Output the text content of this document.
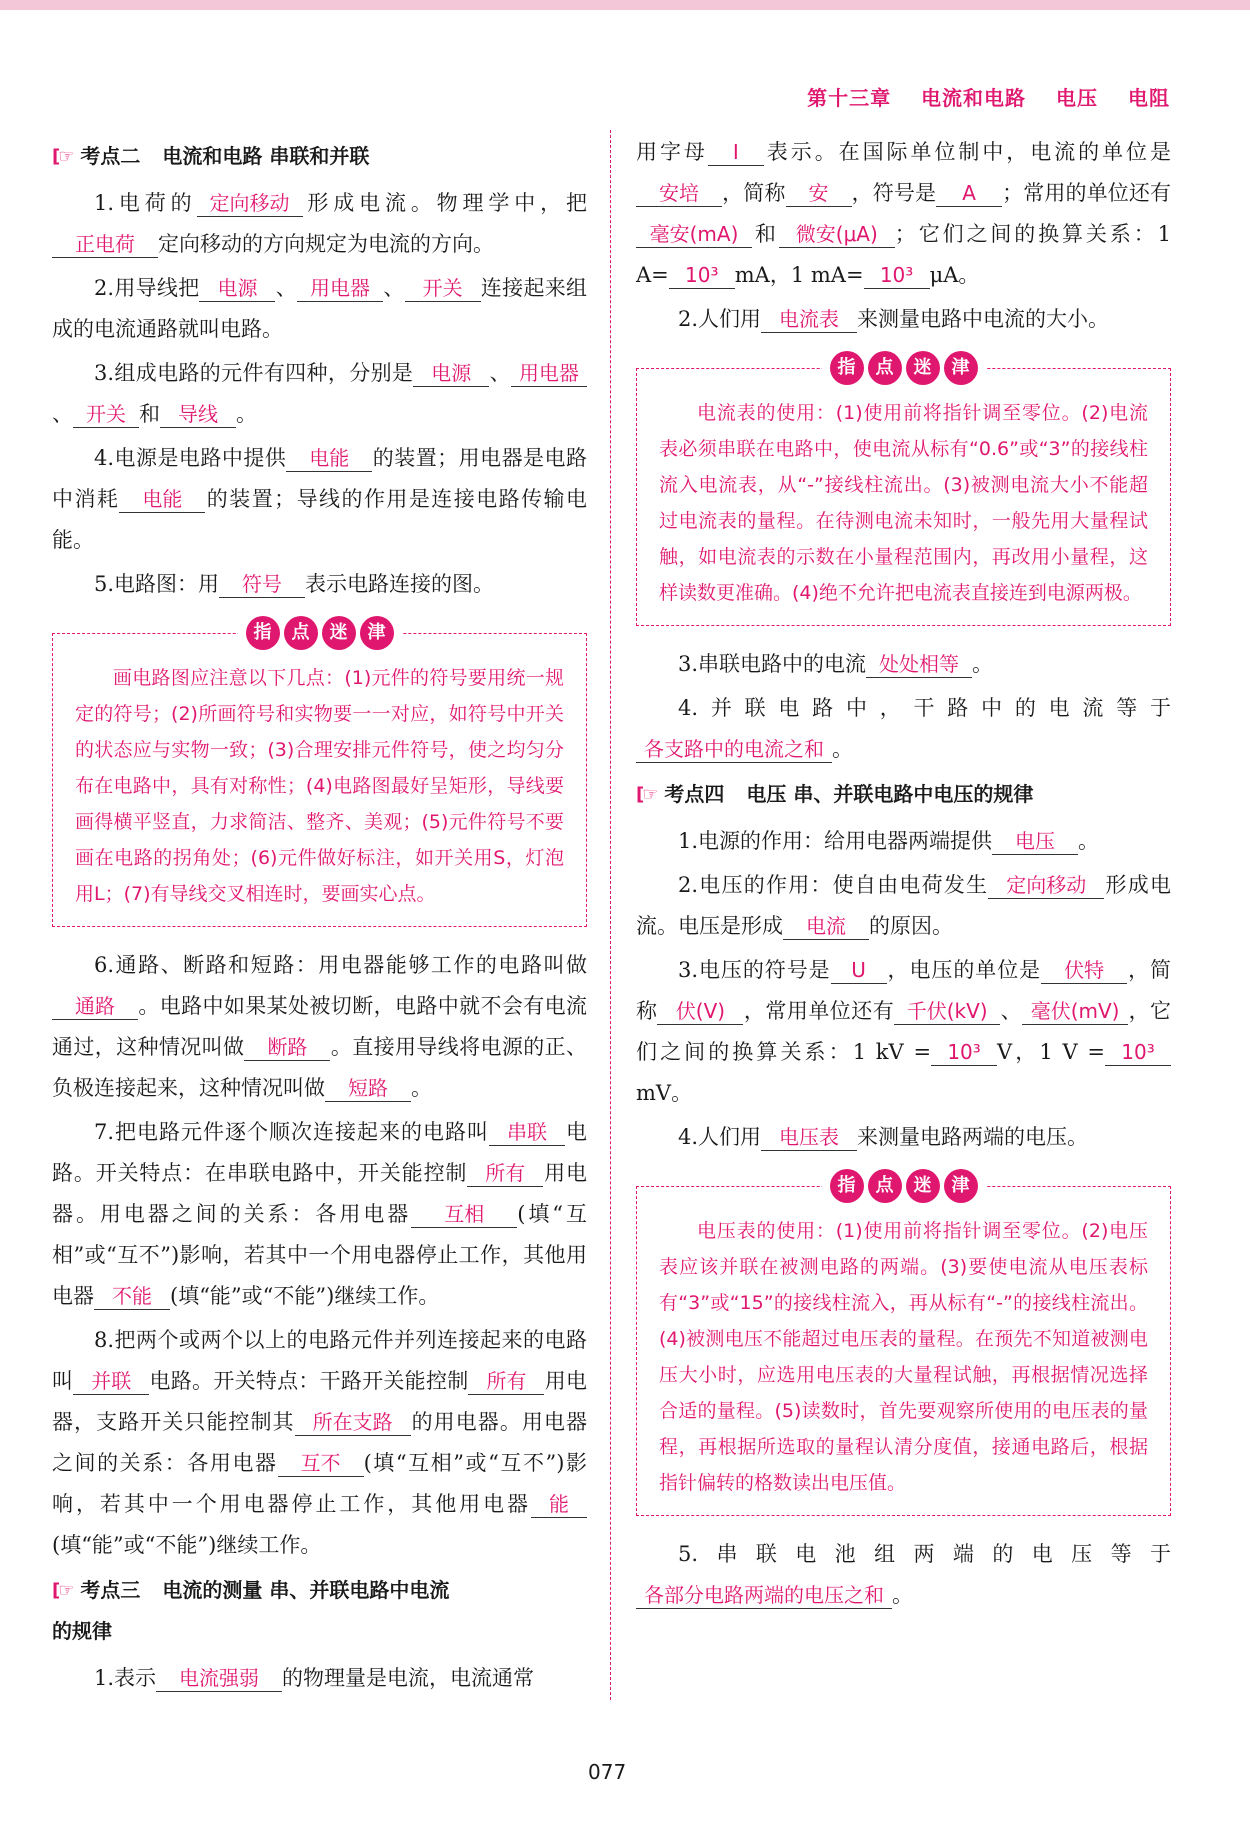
第十三章 电流和电路 电压 电阻
[☞ 考点二 电流和电路 串联和并联

1.电荷的 定向移动 形成电流。物理学中，把正电荷 定向移动的方向规定为电流的方向。

2.用导线把 电源 、 用电器 、 开关 连接起来组成的电流通路就叫电路。

3.组成电路的元件有四种，分别是 电源 、 用电器、 开关 和 导线 。

4.电源是电路中提供 电能 的装置；用电器是电路中消耗 电能 的装置；导线的作用是连接电路传输电能。

5.电路图：用 符号 表示电路连接的图。

指	点	迷	津

画电路图应注意以下几点：(1)元件的符号要用统一规定的符号；(2)所画符号和实物要一一对应，如符号中开关的状态应与实物一致；(3)合理安排元件符号，使之均匀分布在电路中，具有对称性；(4)电路图最好呈矩形，导线要画得横平竖直，力求简洁、整齐、美观；(5)元件符号不要画在电路的拐角处；(6)元件做好标注，如开关用S，灯泡用L；(7)有导线交叉相连时，要画实心点。

6.通路、断路和短路：用电器能够工作的电路叫做通路 。电路中如果某处被切断，电路中就不会有电流通过，这种情况叫做 断路 。直接用导线将电源的正、负极连接起来，这种情况叫做 短路 。

7.把电路元件逐个顺次连接起来的电路叫 串联 电路。开关特点：在串联电路中，开关能控制 所有 用电器。用电器之间的关系：各用电器 互相 (填“互相”或“互不”)影响，若其中一个用电器停止工作，其他用电器 不能 (填“能”或“不能”)继续工作。

8.把两个或两个以上的电路元件并列连接起来的电路叫 并联 电路。开关特点：干路开关能控制 所有 用电器，支路开关只能控制其 所在支路 的用电器。用电器之间的关系：各用电器 互不 (填“互相”或“互不”)影响，若其中一个用电器停止工作，其他用电器 能(填“能”或“不能”)继续工作。

[☞ 考点三 电流的测量 串、并联电路中电流
的规律

1.表示 电流强弱 的物理量是电流，电流通常

用字母 I 表示。在国际单位制中，电流的单位是安培 ，简称 安 ，符号是 A ；常用的单位还有毫安(mA) 和 微安(μA) ；它们之间的换算关系：1 A= 10³ mA，1 mA= 10³ μA。

2.人们用 电流表 来测量电路中电流的大小。

指	点	迷	津

电流表的使用：(1)使用前将指针调至零位。(2)电流表必须串联在电路中，使电流从标有“0.6”或“3”的接线柱流入电流表，从“-”接线柱流出。(3)被测电流大小不能超过电流表的量程。在待测电流未知时，一般先用大量程试触，如电流表的示数在小量程范围内，再改用小量程，这样读数更准确。(4)绝不允许把电流表直接连到电源两极。

3.串联电路中的电流 处处相等 。

4.并联电路中，干路中的电流等于各支路中的电流之和 。

[☞ 考点四 电压 串、并联电路中电压的规律

1.电源的作用：给用电器两端提供 电压 。

2.电压的作用：使自由电荷发生 定向移动 形成电流。电压是形成 电流 的原因。

3.电压的符号是 U ，电压的单位是 伏特 ，简称 伏(V) ，常用单位还有 千伏(kV) 、 毫伏(mV) ，它们之间的换算关系：1 kV = 10³ V，1 V = 10³mV。

4.人们用 电压表 来测量电路两端的电压。

指	点	迷	津

电压表的使用：(1)使用前将指针调至零位。(2)电压表应该并联在被测电路的两端。(3)要使电流从电压表标有“3”或“15”的接线柱流入，再从标有“-”的接线柱流出。(4)被测电压不能超过电压表的量程。在预先不知道被测电压大小时，应选用电压表的大量程试触，再根据情况选择合适的量程。(5)读数时，首先要观察所使用的电压表的量程，再根据所选取的量程认清分度值，接通电路后，根据指针偏转的格数读出电压值。

5.串联电池组两端的电压等于各部分电路两端的电压之和 。

077
